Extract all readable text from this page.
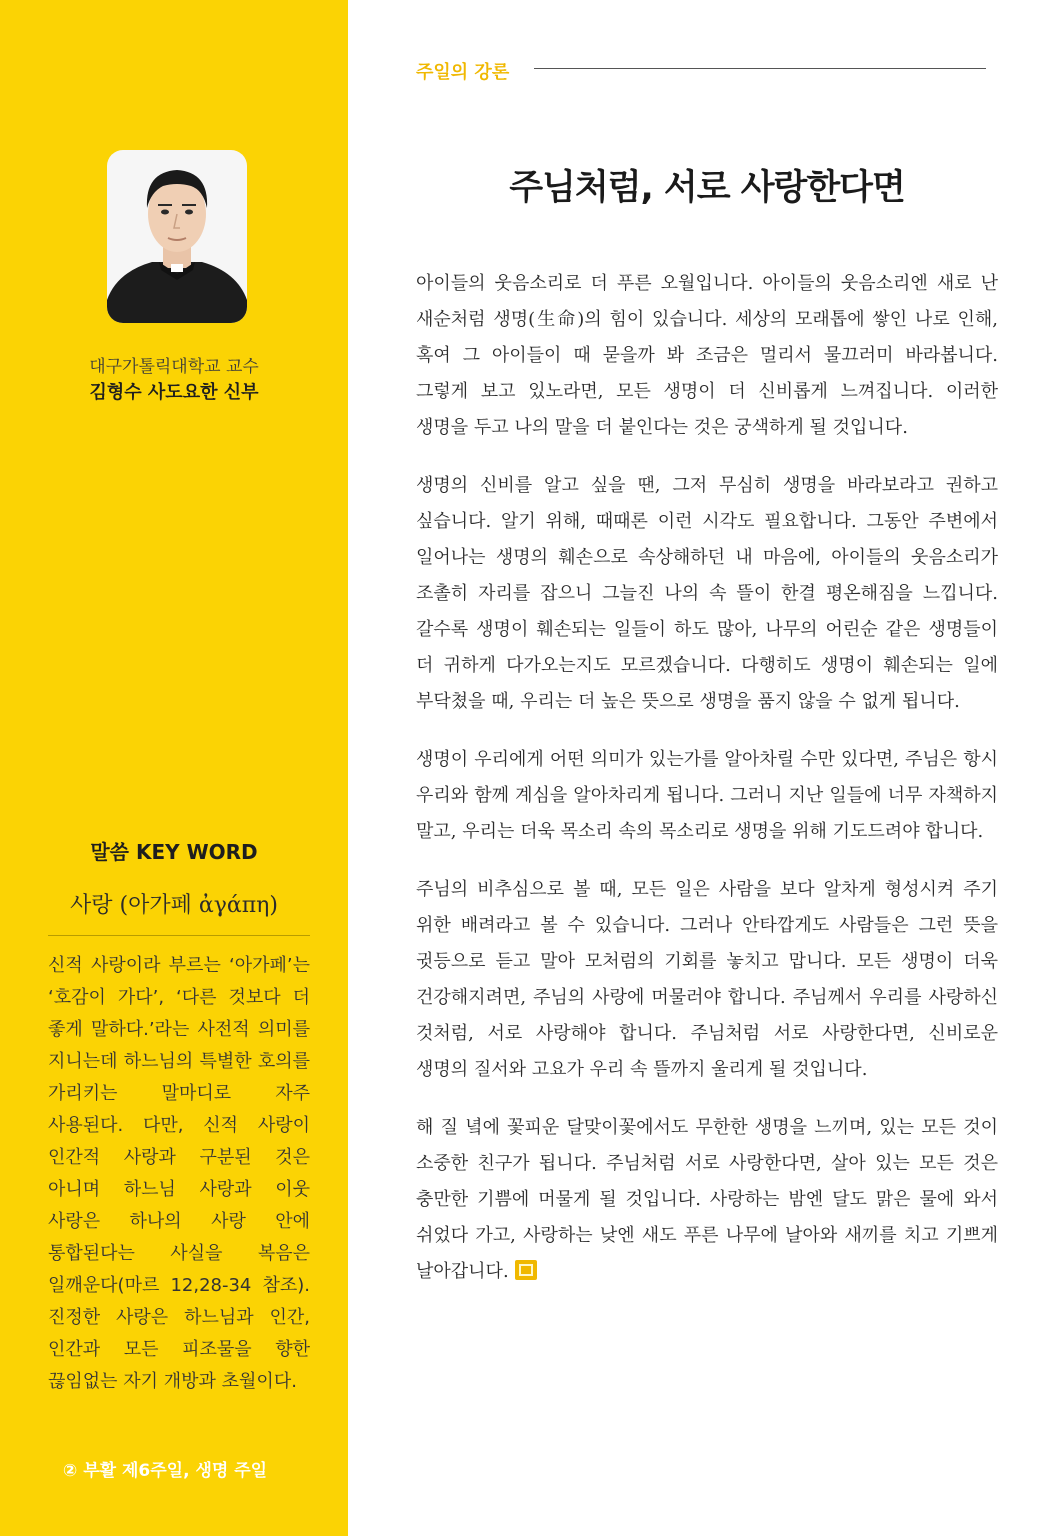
대구가톨릭대학교 교수
김형수 사도요한 신부
말씀 KEY WORD
사랑 (아가페 ἀγάπη)
신적 사랑이라 부르는 ‘아가페’는 ‘호감이 가다’, ‘다른 것보다 더 좋게 말하다.’라는 사전적 의미를 지니는데 하느님의 특별한 호의를 가리키는 말마디로 자주 사용된다. 다만, 신적 사랑이 인간적 사랑과 구분된 것은 아니며 하느님 사랑과 이웃 사랑은 하나의 사랑 안에 통합된다는 사실을 복음은 일깨운다(마르 12,28-34 참조). 진정한 사랑은 하느님과 인간, 인간과 모든 피조물을 향한 끊임없는 자기 개방과 초월이다.
② 부활 제6주일, 생명 주일
주일의 강론
주님처럼, 서로 사랑한다면

아이들의 웃음소리로 더 푸른 오월입니다. 아이들의 웃음소리엔 새로 난 새순처럼 생명(生命)의 힘이 있습니다. 세상의 모래톱에 쌓인 나로 인해, 혹여 그 아이들이 때 묻을까 봐 조금은 멀리서 물끄러미 바라봅니다. 그렇게 보고 있노라면, 모든 생명이 더 신비롭게 느껴집니다. 이러한 생명을 두고 나의 말을 더 붙인다는 것은 궁색하게 될 것입니다.

생명의 신비를 알고 싶을 땐, 그저 무심히 생명을 바라보라고 권하고 싶습니다. 알기 위해, 때때론 이런 시각도 필요합니다. 그동안 주변에서 일어나는 생명의 훼손으로 속상해하던 내 마음에, 아이들의 웃음소리가 조촐히 자리를 잡으니 그늘진 나의 속 뜰이 한결 평온해짐을 느낍니다. 갈수록 생명이 훼손되는 일들이 하도 많아, 나무의 어린순 같은 생명들이 더 귀하게 다가오는지도 모르겠습니다. 다행히도 생명이 훼손되는 일에 부닥쳤을 때, 우리는 더 높은 뜻으로 생명을 품지 않을 수 없게 됩니다.

생명이 우리에게 어떤 의미가 있는가를 알아차릴 수만 있다면, 주님은 항시 우리와 함께 계심을 알아차리게 됩니다. 그러니 지난 일들에 너무 자책하지 말고, 우리는 더욱 목소리 속의 목소리로 생명을 위해 기도드려야 합니다.

주님의 비추심으로 볼 때, 모든 일은 사람을 보다 알차게 형성시켜 주기 위한 배려라고 볼 수 있습니다. 그러나 안타깝게도 사람들은 그런 뜻을 귓등으로 듣고 말아 모처럼의 기회를 놓치고 맙니다. 모든 생명이 더욱 건강해지려면, 주님의 사랑에 머물러야 합니다. 주님께서 우리를 사랑하신 것처럼, 서로 사랑해야 합니다. 주님처럼 서로 사랑한다면, 신비로운 생명의 질서와 고요가 우리 속 뜰까지 울리게 될 것입니다.

해 질 녘에 꽃피운 달맞이꽃에서도 무한한 생명을 느끼며, 있는 모든 것이 소중한 친구가 됩니다. 주님처럼 서로 사랑한다면, 살아 있는 모든 것은 충만한 기쁨에 머물게 될 것입니다. 사랑하는 밤엔 달도 맑은 물에 와서 쉬었다 가고, 사랑하는 낮엔 새도 푸른 나무에 날아와 새끼를 치고 기쁘게 날아갑니다.
